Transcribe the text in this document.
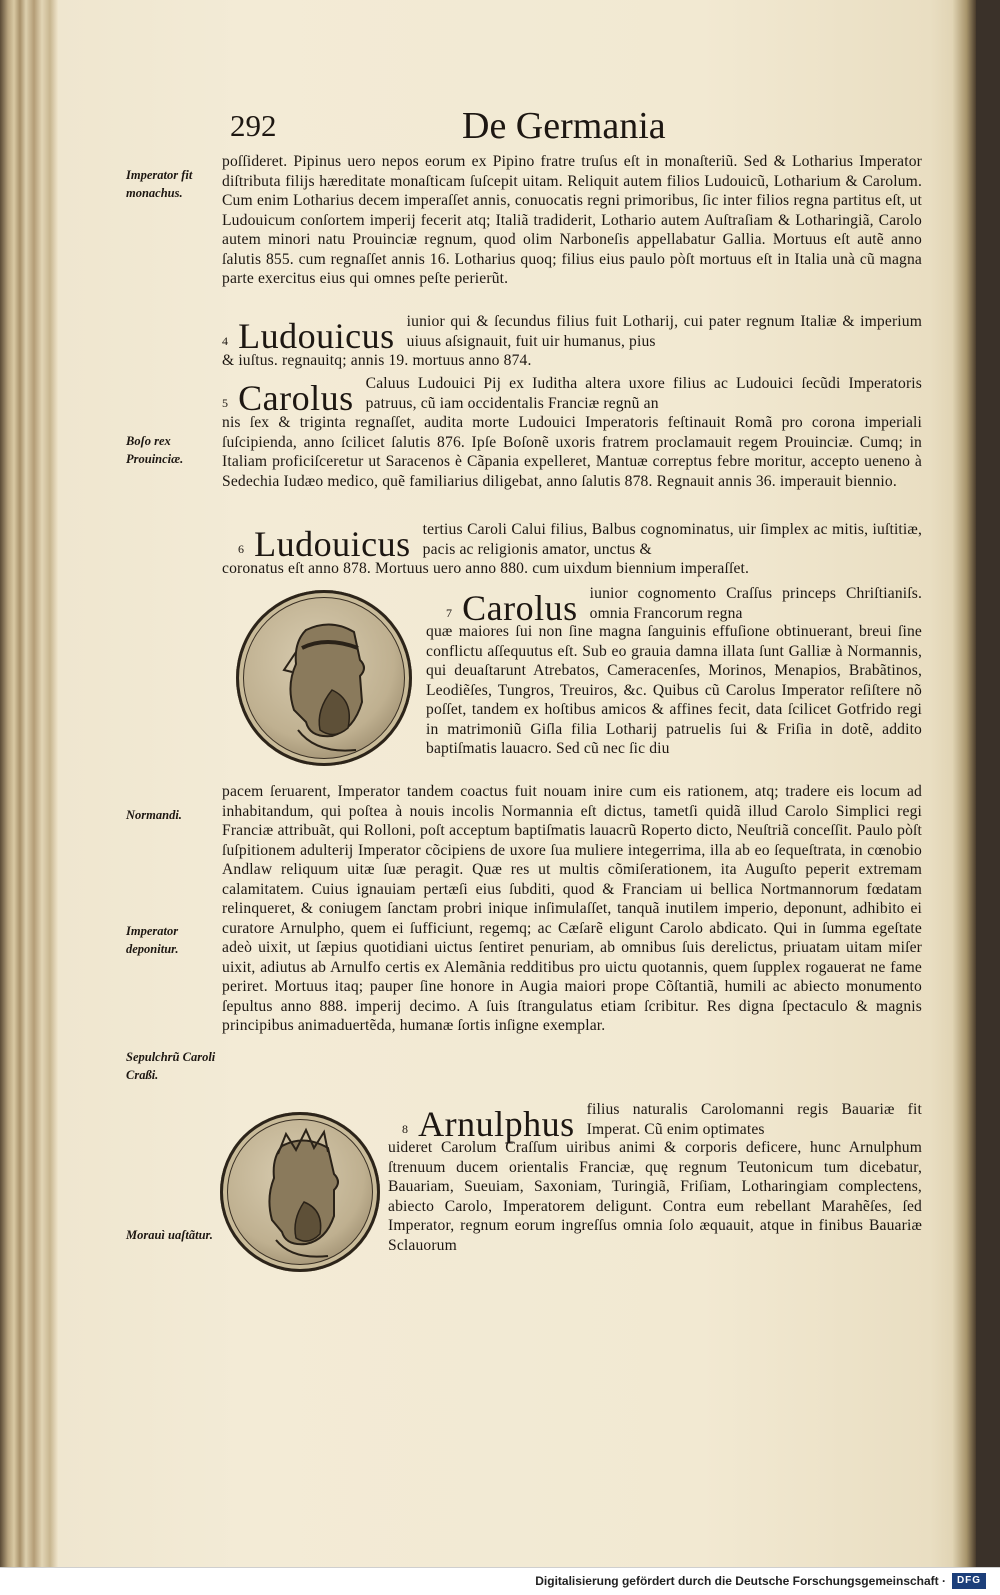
292	De Germania
Imperator fit monachus.
Boſo rex Prouinciæ.
Normandi.
Imperator deponitur.
Sepulchrũ Caroli Craßi.
Morauì uaſtãtur.
poſſideret. Pipinus uero nepos eorum ex Pipino fratre truſus eſt in monaſteriũ. Sed & Lotharius Imperator diſtributa filijs hæreditate monaſticam ſuſcepit uitam. Reliquit autem filios Ludouicũ, Lotharium & Carolum. Cum enim Lotharius decem imperaſſet annis, conuocatis regni primoribus, ſic inter filios regna partitus eſt, ut Ludouicum conſortem imperij fecerit atq; Italiã tradiderit, Lothario autem Auſtraſiam & Lotharingiã, Carolo autem minori natu Prouinciæ regnum, quod olim Narboneſis appellabatur Gallia. Mortuus eſt autẽ anno ſalutis 855. cum regnaſſet annis 16. Lotharius quoq; filius eius paulo pòſt mortuus eſt in Italia unà cũ magna parte exercitus eius qui omnes peſte perierũt.
4 Ludouicus iunior qui & ſecundus filius fuit Lotharij, cui pater regnum Italiæ & imperium uiuus aſsignauit, fuit uir humanus, pius
& iuſtus. regnauitq; annis 19. mortuus anno 874.
5 Carolus Caluus Ludouici Pij ex Iuditha altera uxore filius ac Ludouici ſecũdi Imperatoris patruus, cũ iam occidentalis Franciæ regnũ an
nis ſex & triginta regnaſſet, audita morte Ludouici Imperatoris feſtinauit Romã pro corona imperiali ſuſcipienda, anno ſcilicet ſalutis 876. Ipſe Boſonẽ uxoris fratrem proclamauit regem Prouinciæ. Cumq; in Italiam proficiſceretur ut Saracenos è Cãpania expelleret, Mantuæ correptus febre moritur, accepto ueneno à Sedechia Iudæo medico, quẽ familiarius diligebat, anno ſalutis 878. Regnauit annis 36. imperauit biennio.
6 Ludouicus tertius Caroli Calui filius, Balbus cognominatus, uir ſimplex ac mitis, iuſtitiæ, pacis ac religionis amator, unctus &
coronatus eſt anno 878. Mortuus uero anno 880. cum uixdum biennium imperaſſet.
7 Carolus iunior cognomento Craſſus princeps Chriſtianiſs. omnia Francorum regna
quæ maiores ſui non ſine magna ſanguinis effuſione obtinuerant, breui ſine conflictu aſſequutus eſt. Sub eo grauia damna illata ſunt Galliæ à Normannis, qui deuaſtarunt Atrebatos, Cameracenſes, Morinos, Menapios, Brabãtinos, Leodiẽſes, Tungros, Treuiros, &c. Quibus cũ Carolus Imperator reſiſtere nõ poſſet, tandem ex hoſtibus amicos & affines fecit, data ſcilicet Gotfrido regi in matrimoniũ Giſla filia Lotharij patruelis ſui & Friſia in dotẽ, addito baptiſmatis lauacro. Sed cũ nec ſic diu
pacem ſeruarent, Imperator tandem coactus fuit nouam inire cum eis rationem, atq; tradere eis locum ad inhabitandum, qui poſtea à nouis incolis Normannia eſt dictus, tametſi quidã illud Carolo Simplici regi Franciæ attribuãt, qui Rolloni, poſt acceptum baptiſmatis lauacrũ Roperto dicto, Neuſtriã conceſſit. Paulo pòſt ſuſpitionem adulterij Imperator cõcipiens de uxore ſua muliere integerrima, illa ab eo ſequeſtrata, in cœnobio Andlaw reliquum uitæ ſuæ peragit. Quæ res ut multis cõmiſerationem, ita Auguſto peperit extremam calamitatem. Cuius ignauiam pertæſi eius ſubditi, quod & Franciam ui bellica Nortmannorum fœdatam relinqueret, & coniugem ſanctam probri inique inſimulaſſet, tanquã inutilem imperio, deponunt, adhibito ei curatore Arnulpho, quem ei ſufficiunt, regemq; ac Cæſarẽ eligunt Carolo abdicato. Qui in ſumma egeſtate adeò uixit, ut ſæpius quotidiani uictus ſentiret penuriam, ab omnibus ſuis derelictus, priuatam uitam miſer uixit, adiutus ab Arnulfo certis ex Alemãnia redditibus pro uictu quotannis, quem ſupplex rogauerat ne fame periret. Mortuus itaq; pauper ſine honore in Augia maiori prope Cõſtantiã, humili ac abiecto monumento ſepultus anno 888. imperij decimo. A ſuis ſtrangulatus etiam ſcribitur. Res digna ſpectaculo & magnis principibus animaduertẽda, humanæ ſortis inſigne exemplar.
8 Arnulphus filius naturalis Carolomanni regis Bauariæ fit Imperat. Cũ enim optimates
uideret Carolum Craſſum uiribus animi & corporis deficere, hunc Arnulphum ſtrenuum ducem orientalis Franciæ, quę regnum Teutonicum tum dicebatur, Bauariam, Sueuiam, Saxoniam, Turingiã, Friſiam, Lotharingiam complectens, abiecto Carolo, Imperatorem deligunt. Contra eum rebellant Marahẽſes, ſed Imperator, regnum eorum ingreſſus omnia ſolo æquauit, atque in finibus Bauariæ Sclauorum
Digitalisierung gefördert durch die Deutsche Forschungsgemeinschaft ·	DFG
